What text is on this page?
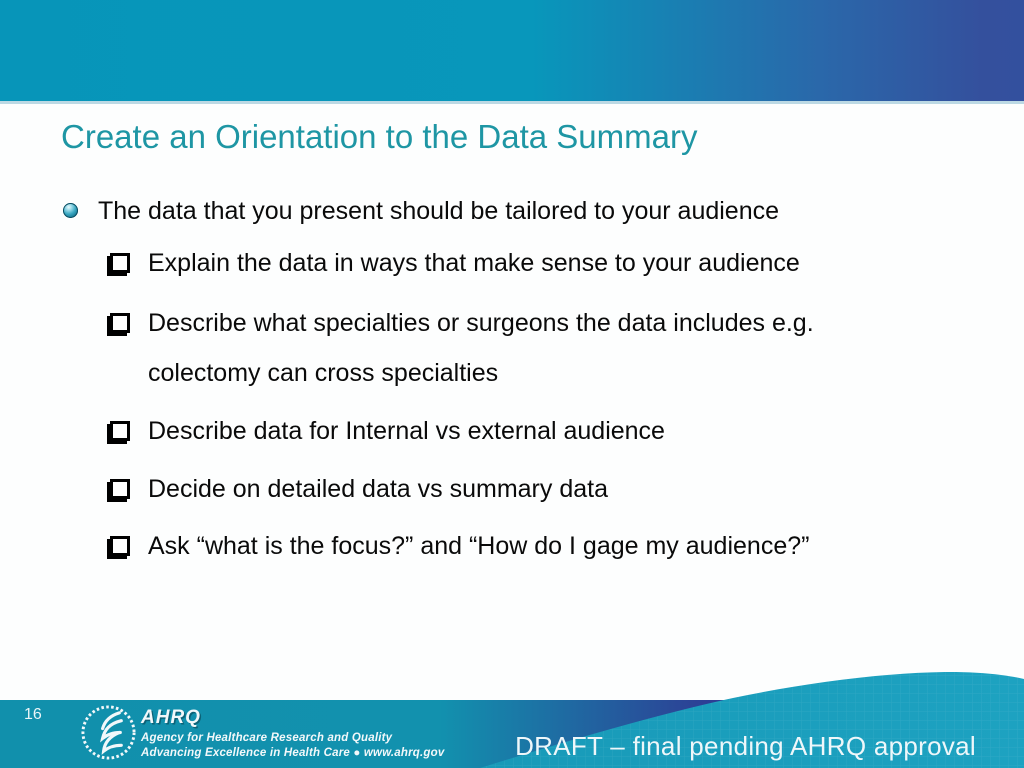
Create an Orientation to the Data Summary
The data that you present should be tailored to your audience
Explain the data in ways that make sense to your audience
Describe what specialties or surgeons the data includes e.g.
colectomy can cross specialties
Describe data for Internal vs external audience
Decide on detailed data vs summary data
Ask “what is the focus?” and “How do I gage my audience?”
16	AHRQ
Agency for Healthcare Research and Quality
Advancing Excellence in Health Care ● www.ahrq.gov	DRAFT – final pending AHRQ approval
